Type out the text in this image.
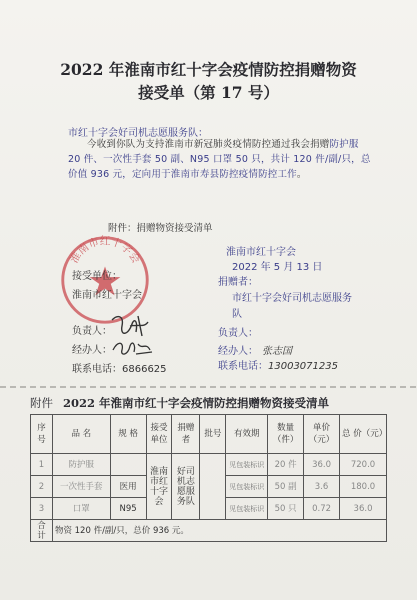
2022 年淮南市红十字会疫情防控捐赠物资
接受单（第 17 号）
市红十字会好司机志愿服务队：
今收到你队为支持淮南市新冠肺炎疫情防控通过我会捐赠防护服 20 件、一次性手套 50 副、N95 口罩 50 只，共计 120 件/副/只，总价值 936 元，定向用于淮南市寿县防控疫情防控工作。
附件：捐赠物资接受清单
淮南市红十字会
接受单位：
淮南市红十字会
负责人：
经办人：
联系电话：6866625
淮南市红十字会
2022 年 5 月 13 日
捐赠者：
市红十字会好司机志愿服务
队
负责人：
经办人： 张志国
联系电话：13003071235
附件 2022 年淮南市红十字会疫情防控捐赠物资接受清单
序号	品 名	规 格	接受单位	捐赠者	批号	有效期	数量（件）	单价（元）	总 价（元）
1	防护服		淮南市红十字会	好司机志愿服务队		见包装标识	20 件	36.0	720.0
2	一次性手套	医用				见包装标识	50 副	3.6	180.0
3	口罩	N95				见包装标识	50 只	0.72	36.0
合计	物资 120 件/副/只，总价 936 元。								
